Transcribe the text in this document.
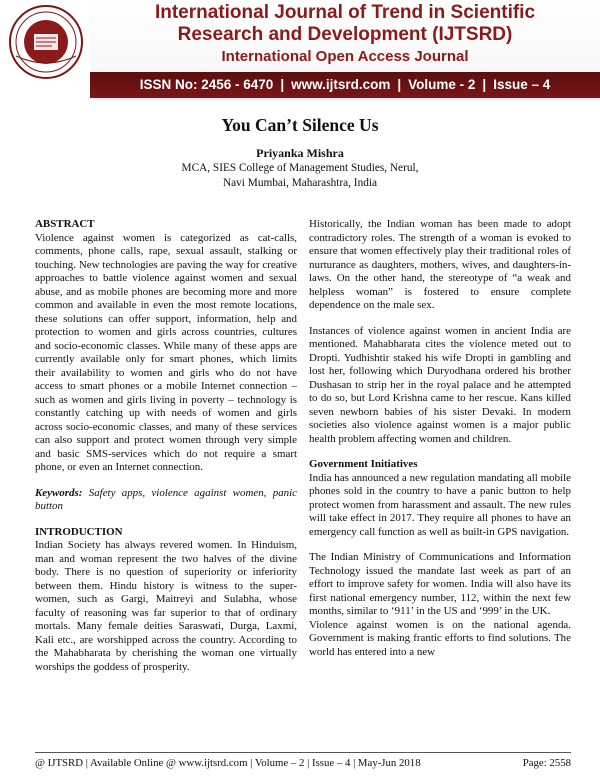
International Journal of Trend in Scientific

Research and Development (IJTSRD)

International Open Access Journal
ISSN No: 2456 - 6470 | www.ijtsrd.com | Volume - 2 | Issue – 4
You Can’t Silence Us
Priyanka Mishra
MCA, SIES College of Management Studies, Nerul,
Navi Mumbai, Maharashtra, India

ABSTRACT

Violence against women is categorized as cat-calls, comments, phone calls, rape, sexual assault, stalking or touching. New technologies are paving the way for creative approaches to battle violence against women and sexual abuse, and as mobile phones are becoming more and more common and available in even the most remote locations, these solutions can offer support, information, help and protection to women and girls across countries, cultures and socio-economic classes. While many of these apps are currently available only for smart phones, which limits their availability to women and girls who do not have access to smart phones or a mobile Internet connection – such as women and girls living in poverty – technology is constantly catching up with needs of women and girls across socio-economic classes, and many of these services can also support and protect women through very simple and basic SMS-services which do not require a smart phone, or even an Internet connection.

Keywords: Safety apps, violence against women, panic button

INTRODUCTION

Indian Society has always revered women. In Hinduism, man and woman represent the two halves of the divine body. There is no question of superiority or inferiority between them. Hindu history is witness to the super-women, such as Gargi, Maitreyi and Sulabha, whose faculty of reasoning was far superior to that of ordinary mortals. Many female deities Saraswati, Durga, Laxmi, Kali etc., are worshipped across the country. According to the Mahabharata by cherishing the woman one virtually worships the goddess of prosperity.

Historically, the Indian woman has been made to adopt contradictory roles. The strength of a woman is evoked to ensure that women effectively play their traditional roles of nurturance as daughters, mothers, wives, and daughters-in-laws. On the other hand, the stereotype of “a weak and helpless woman” is fostered to ensure complete dependence on the male sex.

Instances of violence against women in ancient India are mentioned. Mahabharata cites the violence meted out to Dropti. Yudhishtir staked his wife Dropti in gambling and lost her, following which Duryodhana ordered his brother Dushasan to strip her in the royal palace and he attempted to do so, but Lord Krishna came to her rescue. Kans killed seven newborn babies of his sister Devaki. In modern societies also violence against women is a major public health problem affecting women and children.

Government Initiatives

India has announced a new regulation mandating all mobile phones sold in the country to have a panic button to help protect women from harassment and assault. The new rules will take effect in 2017. They require all phones to have an emergency call function as well as built-in GPS navigation.

The Indian Ministry of Communications and Information Technology issued the mandate last week as part of an effort to improve safety for women. India will also have its first national emergency number, 112, within the next few months, similar to ‘911’ in the US and ‘999’ in the UK.

Violence against women is on the national agenda. Government is making frantic efforts to find solutions. The world has entered into a new

@ IJTSRD | Available Online @ www.ijtsrd.com | Volume – 2 | Issue – 4 | May-Jun 2018	Page: 2558
